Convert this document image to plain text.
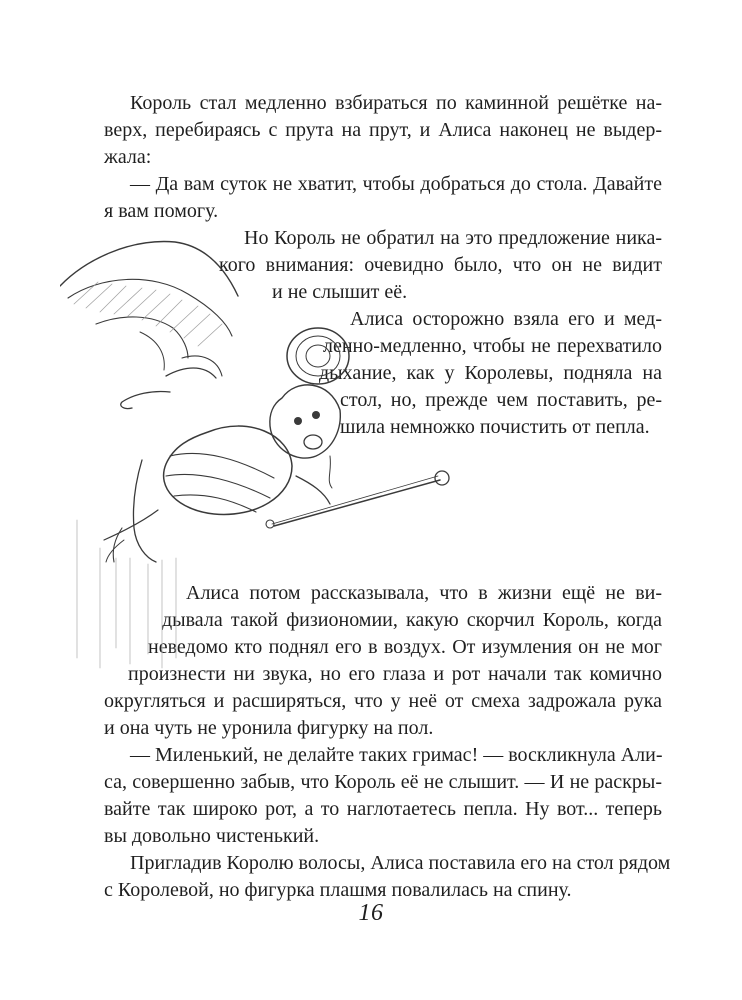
Король стал медленно взбираться по каминной решётке на-
верх, перебираясь с прута на прут, и Алиса наконец не выдер-
жала:
— Да вам суток не хватит, чтобы добраться до стола. Давайте
я вам помогу.
Но Король не обратил на это предложение ника-
кого внимания: очевидно было, что он не видит
и не слышит её.
Алиса осторожно взяла его и мед-
ленно-медленно, чтобы не перехватило
дыхание, как у Королевы, подняла на
стол, но, прежде чем поставить, ре-
шила немножко почистить от пепла.
Алиса потом рассказывала, что в жизни ещё не ви-
дывала такой физиономии, какую скорчил Король, когда
неведомо кто поднял его в воздух. От изумления он не мог
произнести ни звука, но его глаза и рот начали так комично
округляться и расширяться, что у неё от смеха задрожала рука
и она чуть не уронила фигурку на пол.
— Миленький, не делайте таких гримас! — воскликнула Али-
са, совершенно забыв, что Король её не слышит. — И не раскры-
вайте так широко рот, а то наглотаетесь пепла. Ну вот... теперь
вы довольно чистенький.
Пригладив Королю волосы, Алиса поставила его на стол рядом
с Королевой, но фигурка плашмя повалилась на спину.
16
